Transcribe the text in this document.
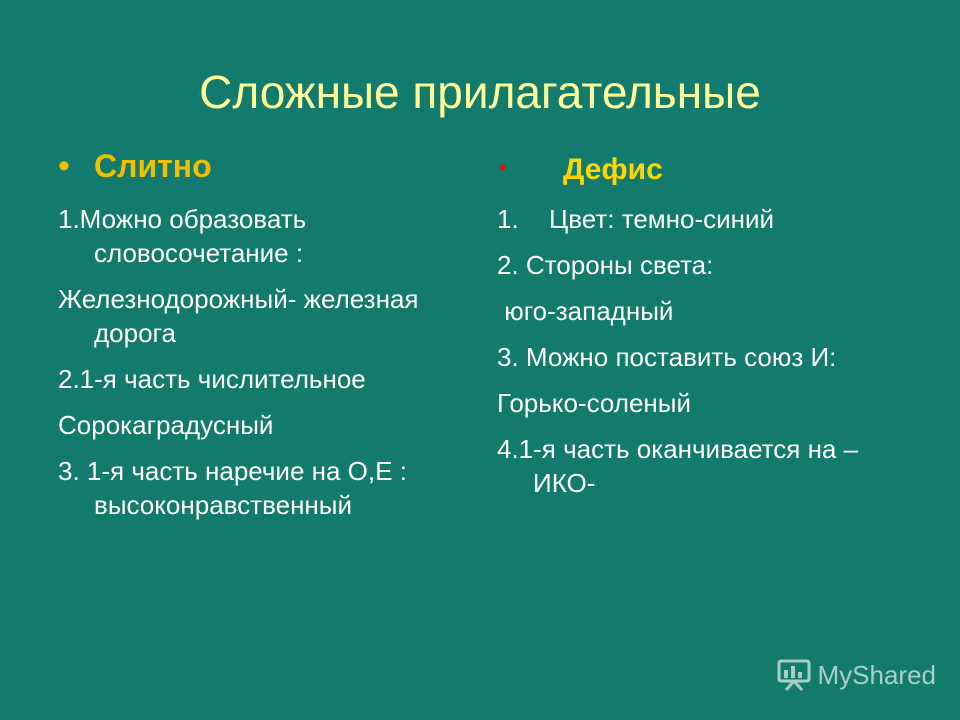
Сложные прилагательные
• Слитно
1.Можно образовать словосочетание :
Железнодорожный- железная дорога
2.1-я часть числительное
Сорокаградусный
3. 1-я часть наречие на О,Е : высоконравственный
• Дефис
1. Цвет: темно-синий
2. Стороны света:
юго-западный
3. Можно поставить союз И:
Горько-соленый
4.1-я часть оканчивается на –ИКО-
MyShared
